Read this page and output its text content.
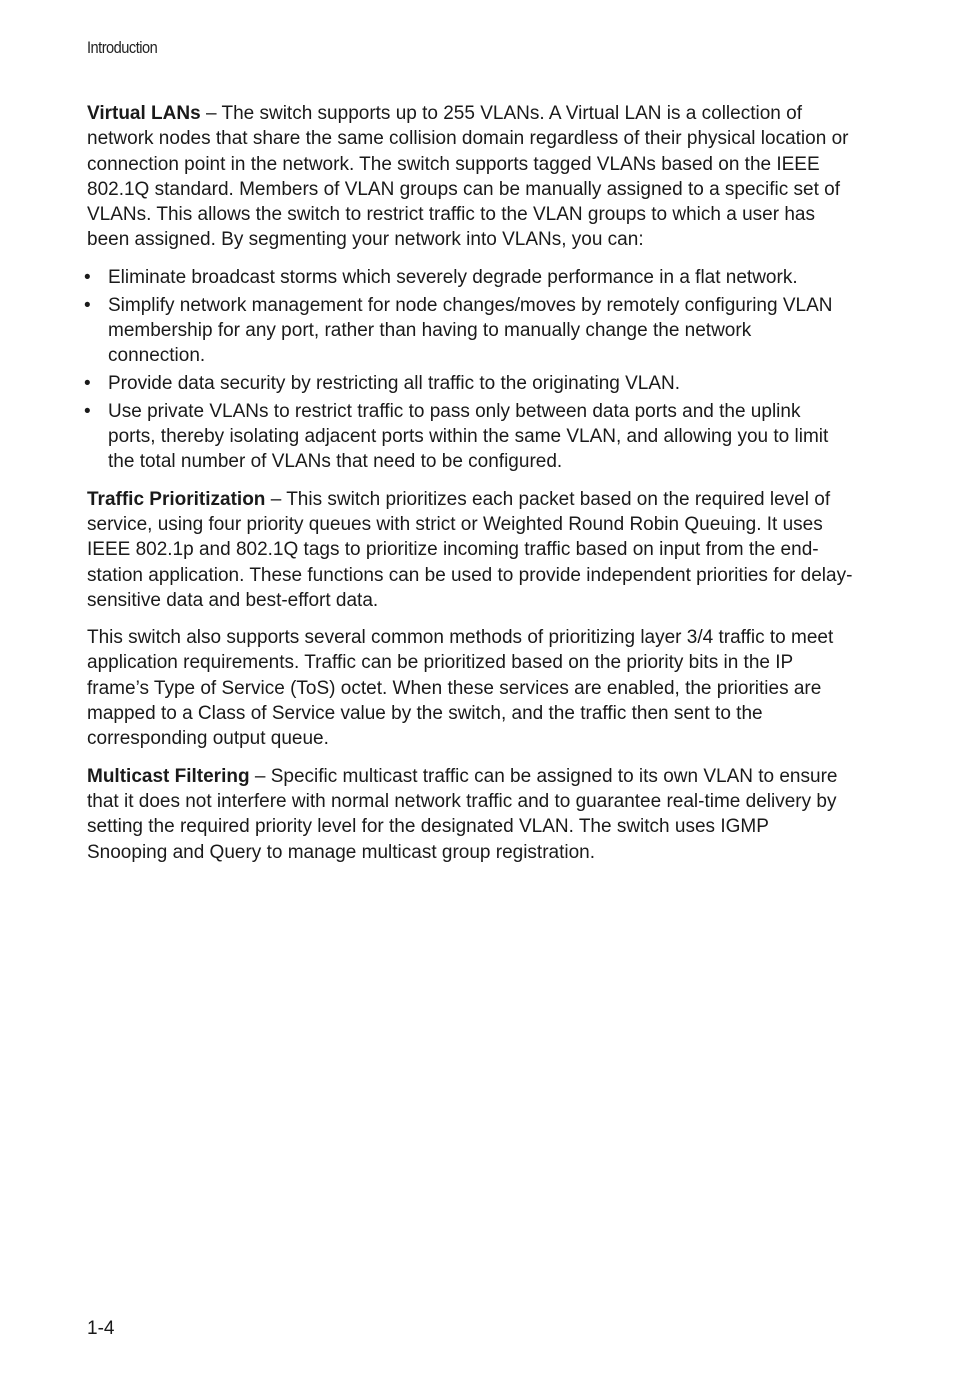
Introduction

Virtual LANs – The switch supports up to 255 VLANs. A Virtual LAN is a collection of network nodes that share the same collision domain regardless of their physical location or connection point in the network. The switch supports tagged VLANs based on the IEEE 802.1Q standard. Members of VLAN groups can be manually assigned to a specific set of VLANs. This allows the switch to restrict traffic to the VLAN groups to which a user has been assigned. By segmenting your network into VLANs, you can:

• Eliminate broadcast storms which severely degrade performance in a flat network.
• Simplify network management for node changes/moves by remotely configuring VLAN membership for any port, rather than having to manually change the network connection.
• Provide data security by restricting all traffic to the originating VLAN.
• Use private VLANs to restrict traffic to pass only between data ports and the uplink ports, thereby isolating adjacent ports within the same VLAN, and allowing you to limit the total number of VLANs that need to be configured.

Traffic Prioritization – This switch prioritizes each packet based on the required level of service, using four priority queues with strict or Weighted Round Robin Queuing. It uses IEEE 802.1p and 802.1Q tags to prioritize incoming traffic based on input from the end-station application. These functions can be used to provide independent priorities for delay-sensitive data and best-effort data.

This switch also supports several common methods of prioritizing layer 3/4 traffic to meet application requirements. Traffic can be prioritized based on the priority bits in the IP frame’s Type of Service (ToS) octet. When these services are enabled, the priorities are mapped to a Class of Service value by the switch, and the traffic then sent to the corresponding output queue.

Multicast Filtering – Specific multicast traffic can be assigned to its own VLAN to ensure that it does not interfere with normal network traffic and to guarantee real-time delivery by setting the required priority level for the designated VLAN. The switch uses IGMP Snooping and Query to manage multicast group registration.

1-4
